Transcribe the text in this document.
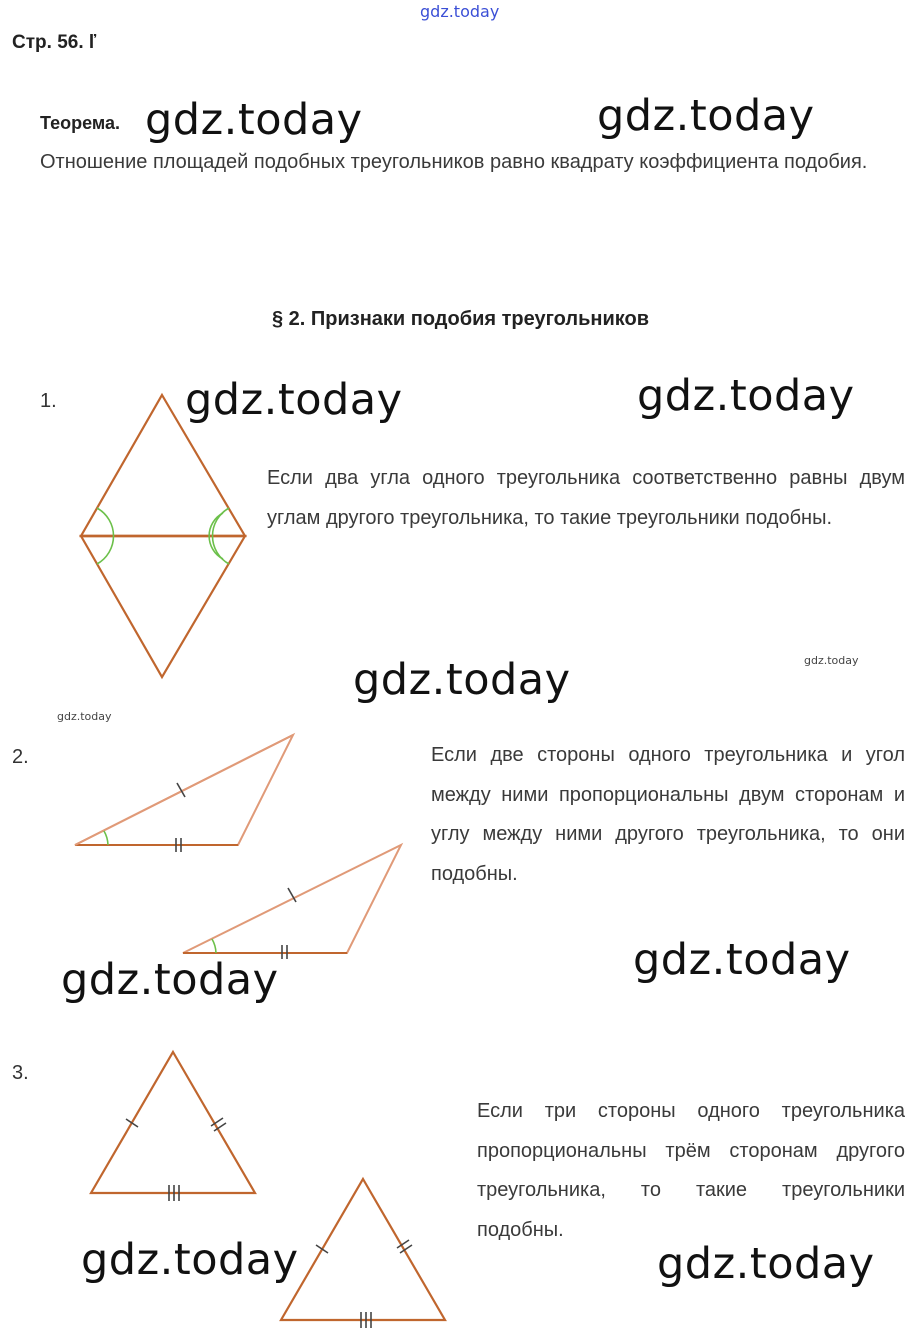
gdz.today
Стр. 56. ľ
Теорема.
Отношение площадей подобных треугольников равно квадрату коэффициента подобия.
§ 2. Признаки подобия треугольников
1.
Если два угла одного треугольника соответственно равны двум углам другого треугольника, то такие треугольники подобны.
2.	Если две стороны одного треугольника и угол между ними пропорциональны двум сторонам и углу между ними другого треугольника, то они подобны.
3.
Если три стороны одного треугольника пропорциональны трём сторонам другого треугольника, то такие треугольники подобны.
gdz.today	gdz.today
gdz.today	gdz.today
gdz.today
gdz.today
gdz.today
gdz.today	gdz.today
gdz.today
gdz.today
